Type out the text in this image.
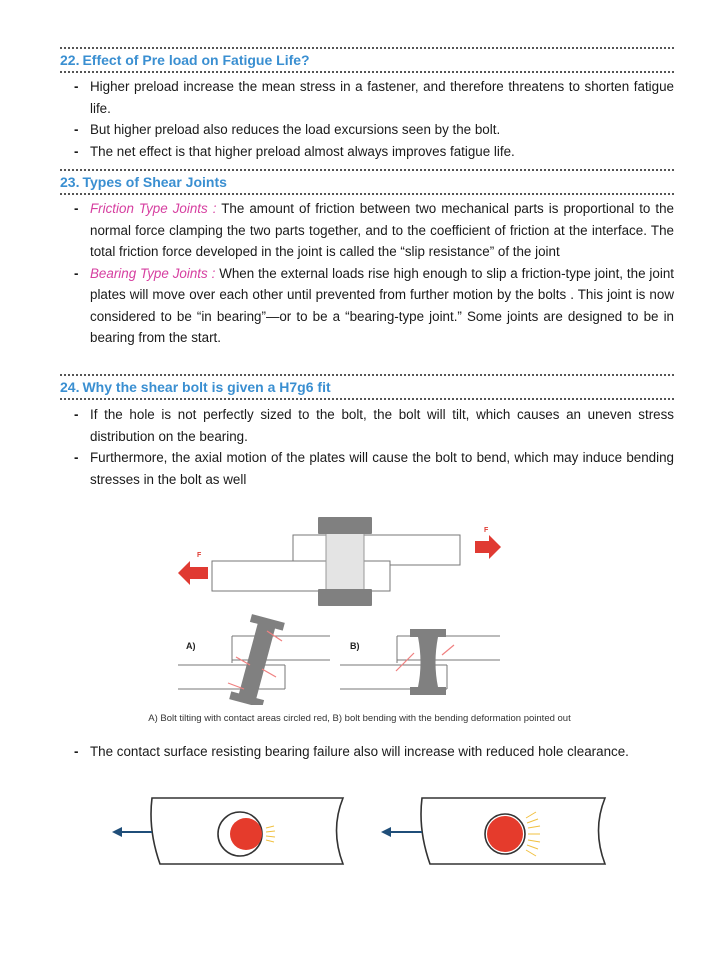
22. Effect of Pre load on Fatigue Life?
- Higher preload increase the mean stress in a fastener, and therefore threatens to shorten fatigue life.
- But higher preload also reduces the load excursions seen by the bolt.
- The net effect is that higher preload almost always improves fatigue life.
23. Types of Shear Joints
- Friction Type Joints : The amount of friction between two mechanical parts is proportional to the normal force clamping the two parts together, and to the coefficient of friction at the interface. The total friction force developed in the joint is called the “slip resistance” of the joint
- Bearing Type Joints : When the external loads rise high enough to slip a friction-type joint, the joint plates will move over each other until prevented from further motion by the bolts . This joint is now considered to be “in bearing”—or to be a “bearing-type joint.” Some joints are designed to be in bearing from the start.
24. Why the shear bolt is given a H7g6 fit
- If the hole is not perfectly sized to the bolt, the bolt will tilt, which causes an uneven stress distribution on the bearing.
- Furthermore, the axial motion of the plates will cause the bolt to bend, which may induce bending stresses in the bolt as well
F
F
A)	B)
A) Bolt tilting with contact areas circled red, B) bolt bending with the bending deformation pointed out
- The contact surface resisting bearing failure also will increase with reduced hole clearance.
